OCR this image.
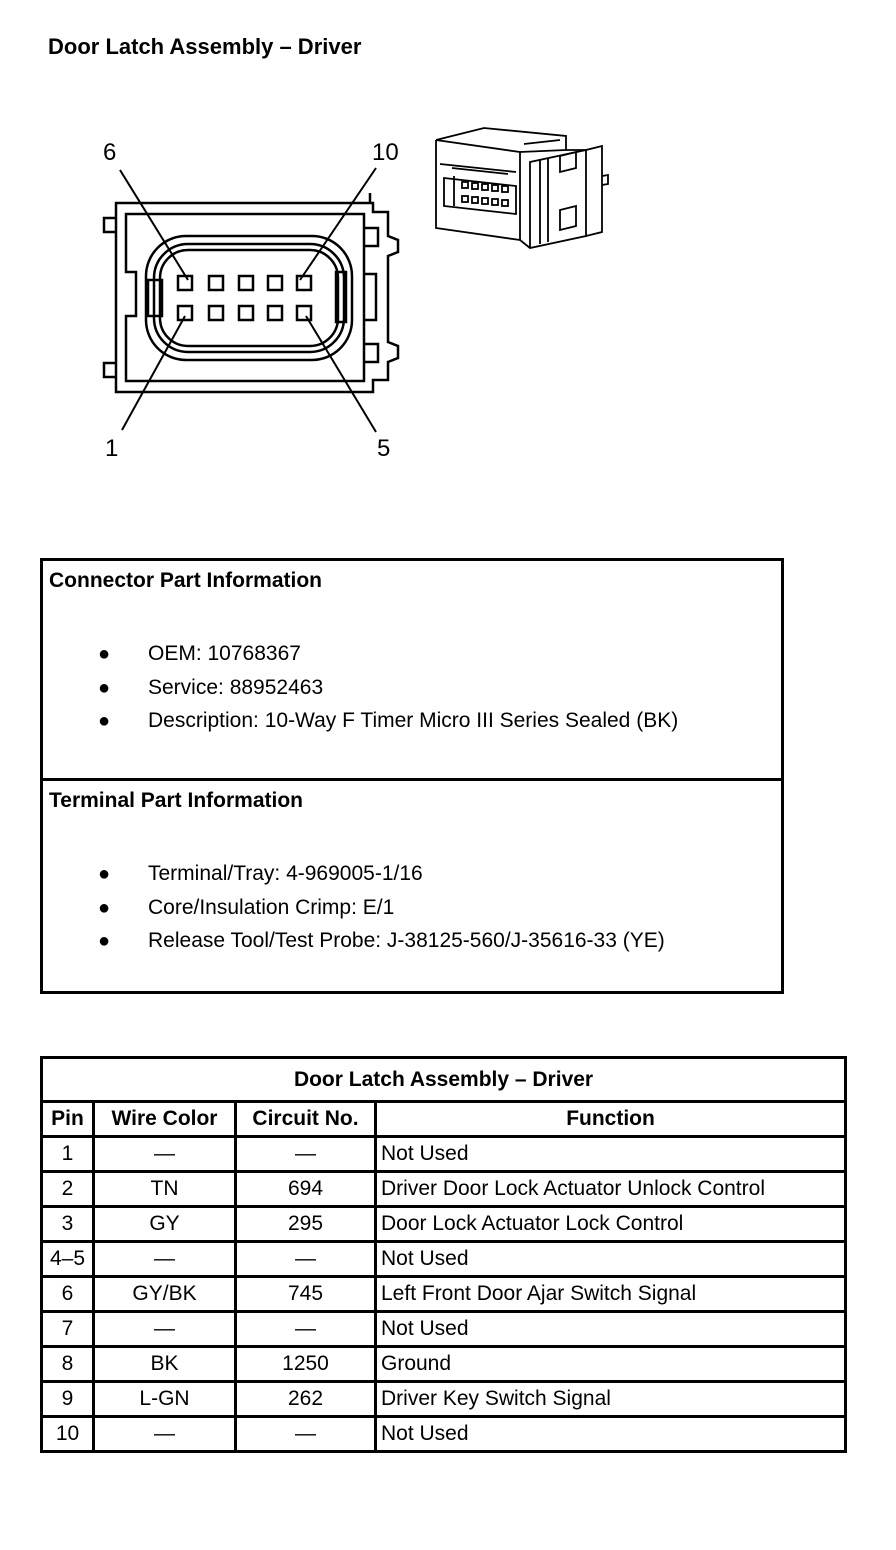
Door Latch Assembly – Driver
6	10
1	5
Connector Part Information
● OEM: 10768367
● Service: 88952463
● Description: 10-Way F Timer Micro III Series Sealed (BK)
Terminal Part Information
● Terminal/Tray: 4-969005-1/16
● Core/Insulation Crimp: E/1
● Release Tool/Test Probe: J-38125-560/J-35616-33 (YE)
Door Latch Assembly – Driver			
Pin	Wire Color	Circuit No.	Function
1	—	—	Not Used
2	TN	694	Driver Door Lock Actuator Unlock Control
3	GY	295	Door Lock Actuator Lock Control
4–5	—	—	Not Used
6	GY/BK	745	Left Front Door Ajar Switch Signal
7	—	—	Not Used
8	BK	1250	Ground
9	L-GN	262	Driver Key Switch Signal
10	—	—	Not Used
